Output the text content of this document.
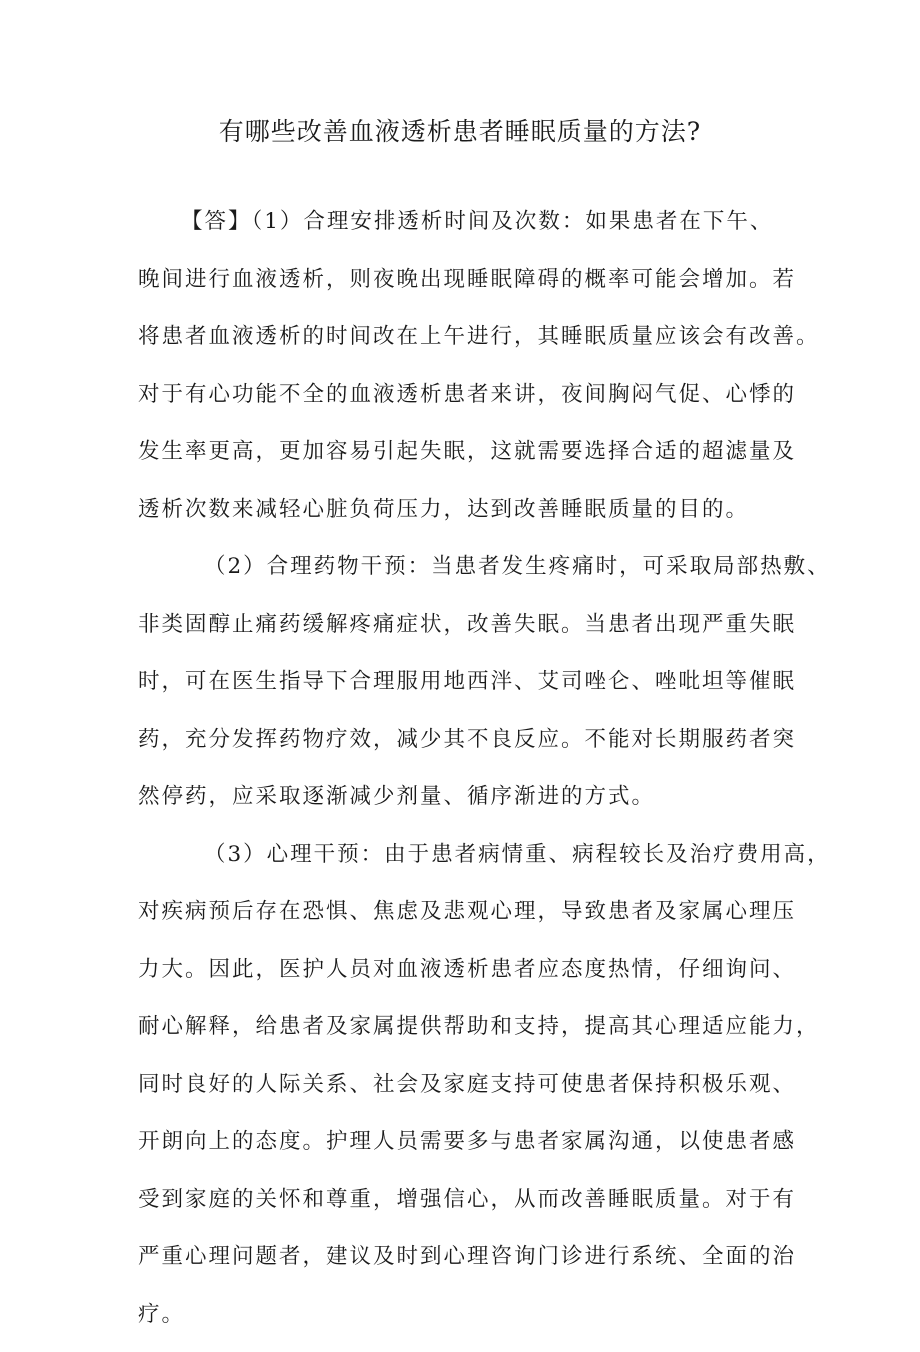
有哪些改善血液透析患者睡眠质量的方法?

【答】（1）合理安排透析时间及次数：如果患者在下午、

晚间进行血液透析，则夜晚出现睡眠障碍的概率可能会增加。若

将患者血液透析的时间改在上午进行，其睡眠质量应该会有改善。

对于有心功能不全的血液透析患者来讲，夜间胸闷气促、心悸的

发生率更高，更加容易引起失眠，这就需要选择合适的超滤量及

透析次数来减轻心脏负荷压力，达到改善睡眠质量的目的。

（2）合理药物干预：当患者发生疼痛时，可采取局部热敷、

非类固醇止痛药缓解疼痛症状，改善失眠。当患者出现严重失眠

时，可在医生指导下合理服用地西泮、艾司唑仑、唑吡坦等催眠

药，充分发挥药物疗效，减少其不良反应。不能对长期服药者突

然停药，应采取逐渐减少剂量、循序渐进的方式。

（3）心理干预：由于患者病情重、病程较长及治疗费用高，

对疾病预后存在恐惧、焦虑及悲观心理，导致患者及家属心理压

力大。因此，医护人员对血液透析患者应态度热情，仔细询问、

耐心解释，给患者及家属提供帮助和支持，提高其心理适应能力，

同时良好的人际关系、社会及家庭支持可使患者保持积极乐观、

开朗向上的态度。护理人员需要多与患者家属沟通，以使患者感

受到家庭的关怀和尊重，增强信心，从而改善睡眠质量。对于有

严重心理问题者，建议及时到心理咨询门诊进行系统、全面的治

疗。
